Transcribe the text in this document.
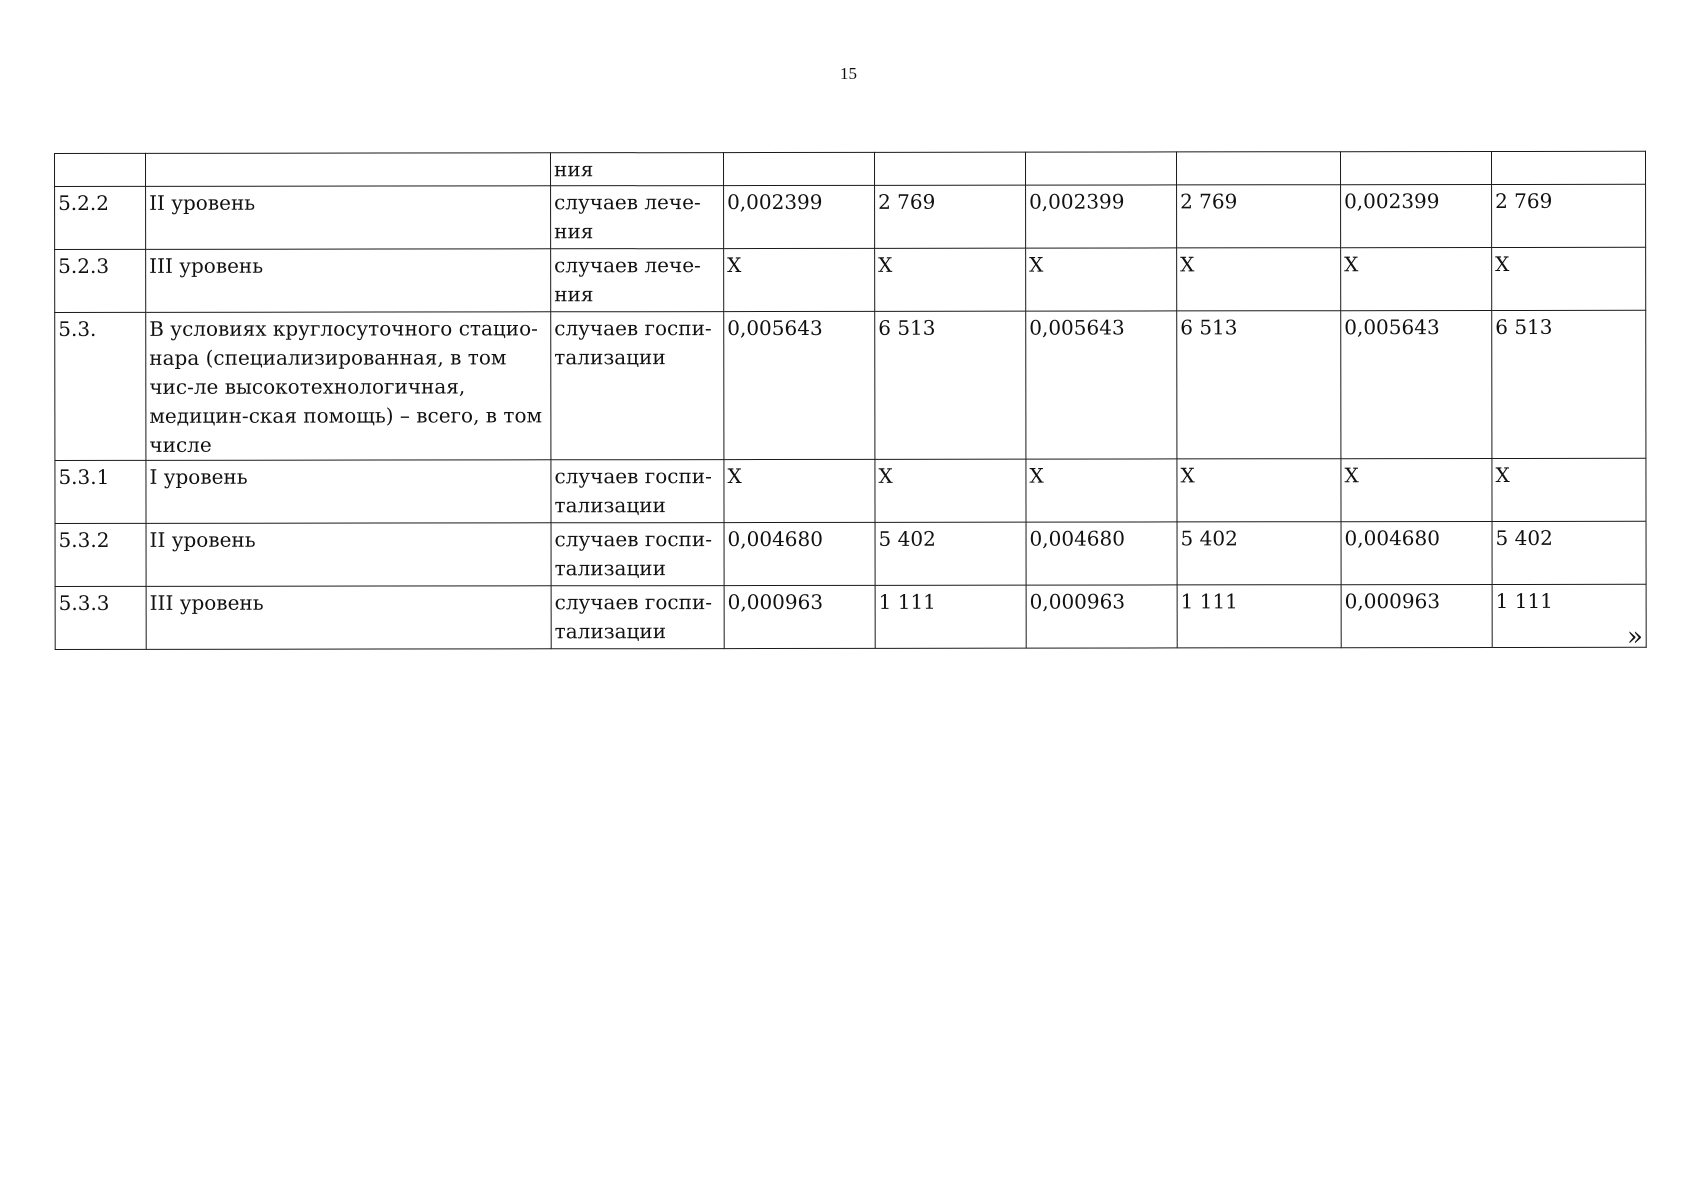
15
		ния						
5.2.2	II уровень	случаев лече-ния	0,002399	2 769	0,002399	2 769	0,002399	2 769
5.2.3	III уровень	случаев лече-ния	Х	Х	Х	Х	Х	Х
5.3.	В условиях круглосуточного стацио-нара (специализированная, в том чис-ле высокотехнологичная, медицин-ская помощь) – всего, в том числе	случаев госпи-тализации	0,005643	6 513	0,005643	6 513	0,005643	6 513
5.3.1	I уровень	случаев госпи-тализации	Х	Х	Х	Х	Х	Х
5.3.2	II уровень	случаев госпи-тализации	0,004680	5 402	0,004680	5 402	0,004680	5 402
5.3.3	III уровень	случаев госпи-тализации	0,000963	1 111	0,000963	1 111	0,000963	1 111
»
